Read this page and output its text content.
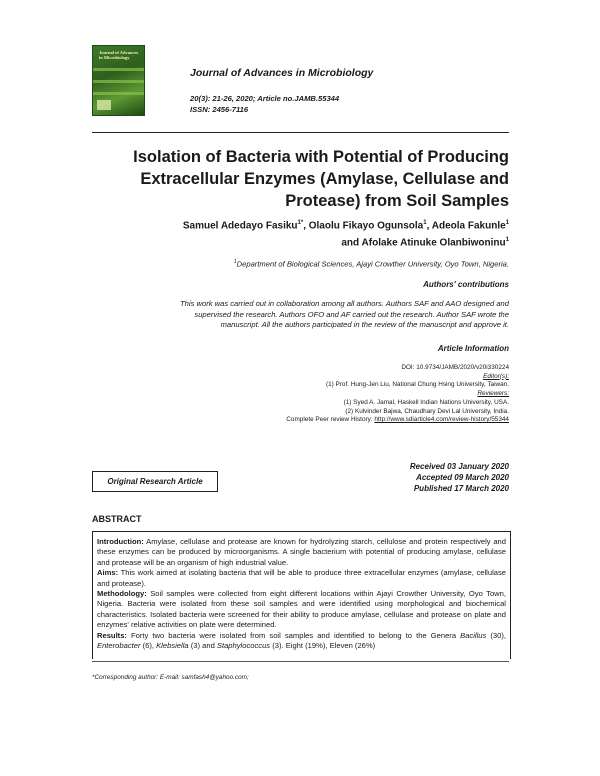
Journal of Advances in Microbiology
Journal of Advances in Microbiology
20(3): 21-26, 2020; Article no.JAMB.55344
ISSN: 2456-7116
Isolation of Bacteria with Potential of Producing
Extracellular Enzymes (Amylase, Cellulase and
Protease) from Soil Samples
Samuel Adedayo Fasiku$^{1*}$, Olaolu Fikayo Ogunsola$^1$, Adeola Fakunle$^1$
and Afolake Atinuke Olanbiwoninu$^1$
$^1$Department of Biological Sciences, Ajayi Crowther University, Oyo Town, Nigeria.
Authors' contributions
This work was carried out in collaboration among all authors. Authors SAF and AAO designed and
supervised the research. Authors OFO and AF carried out the research. Author SAF wrote the
manuscript. All the authors participated in the review of the manuscript and approve it.
Article Information
DOI: 10.9734/JAMB/2020/v20i330224
Editor(s):
(1) Prof. Hung-Jen Liu, National Chung Hsing University, Taiwan.
Reviewers:
(1) Syed A. Jamal, Haskell Indian Nations University, USA.
(2) Kulvinder Bajwa, Chaudhary Devi Lal University, India.
Complete Peer review History: http://www.sdiarticle4.com/review-history/55344
Original Research Article
Received 03 January 2020
Accepted 09 March 2020
Published 17 March 2020
ABSTRACT

Introduction: Amylase, cellulase and protease are known for hydrolyzing starch, cellulose and protein respectively and these enzymes can be produced by microorganisms. A single bacterium with potential of producing amylase, cellulase and protease will be an organism of high industrial value.

Aims: This work aimed at isolating bacteria that will be able to produce three extracellular enzymes (amylase, cellulase and protease).

Methodology: Soil samples were collected from eight different locations within Ajayi Crowther University, Oyo Town, Nigeria. Bacteria were isolated from these soil samples and were identified using morphological and biochemical characteristics. Isolated bacteria were screened for their ability to produce amylase, cellulase and protease on plate and enzymes' relative activities on plate were determined.

Results: Forty two bacteria were isolated from soil samples and identified to belong to the Genera Bacillus (30), Enterobacter (6), Klebsiella (3) and Staphylococcus (3). Eight (19%), Eleven (26%)

*Corresponding author: E-mail: samfash4@yahoo.com;
